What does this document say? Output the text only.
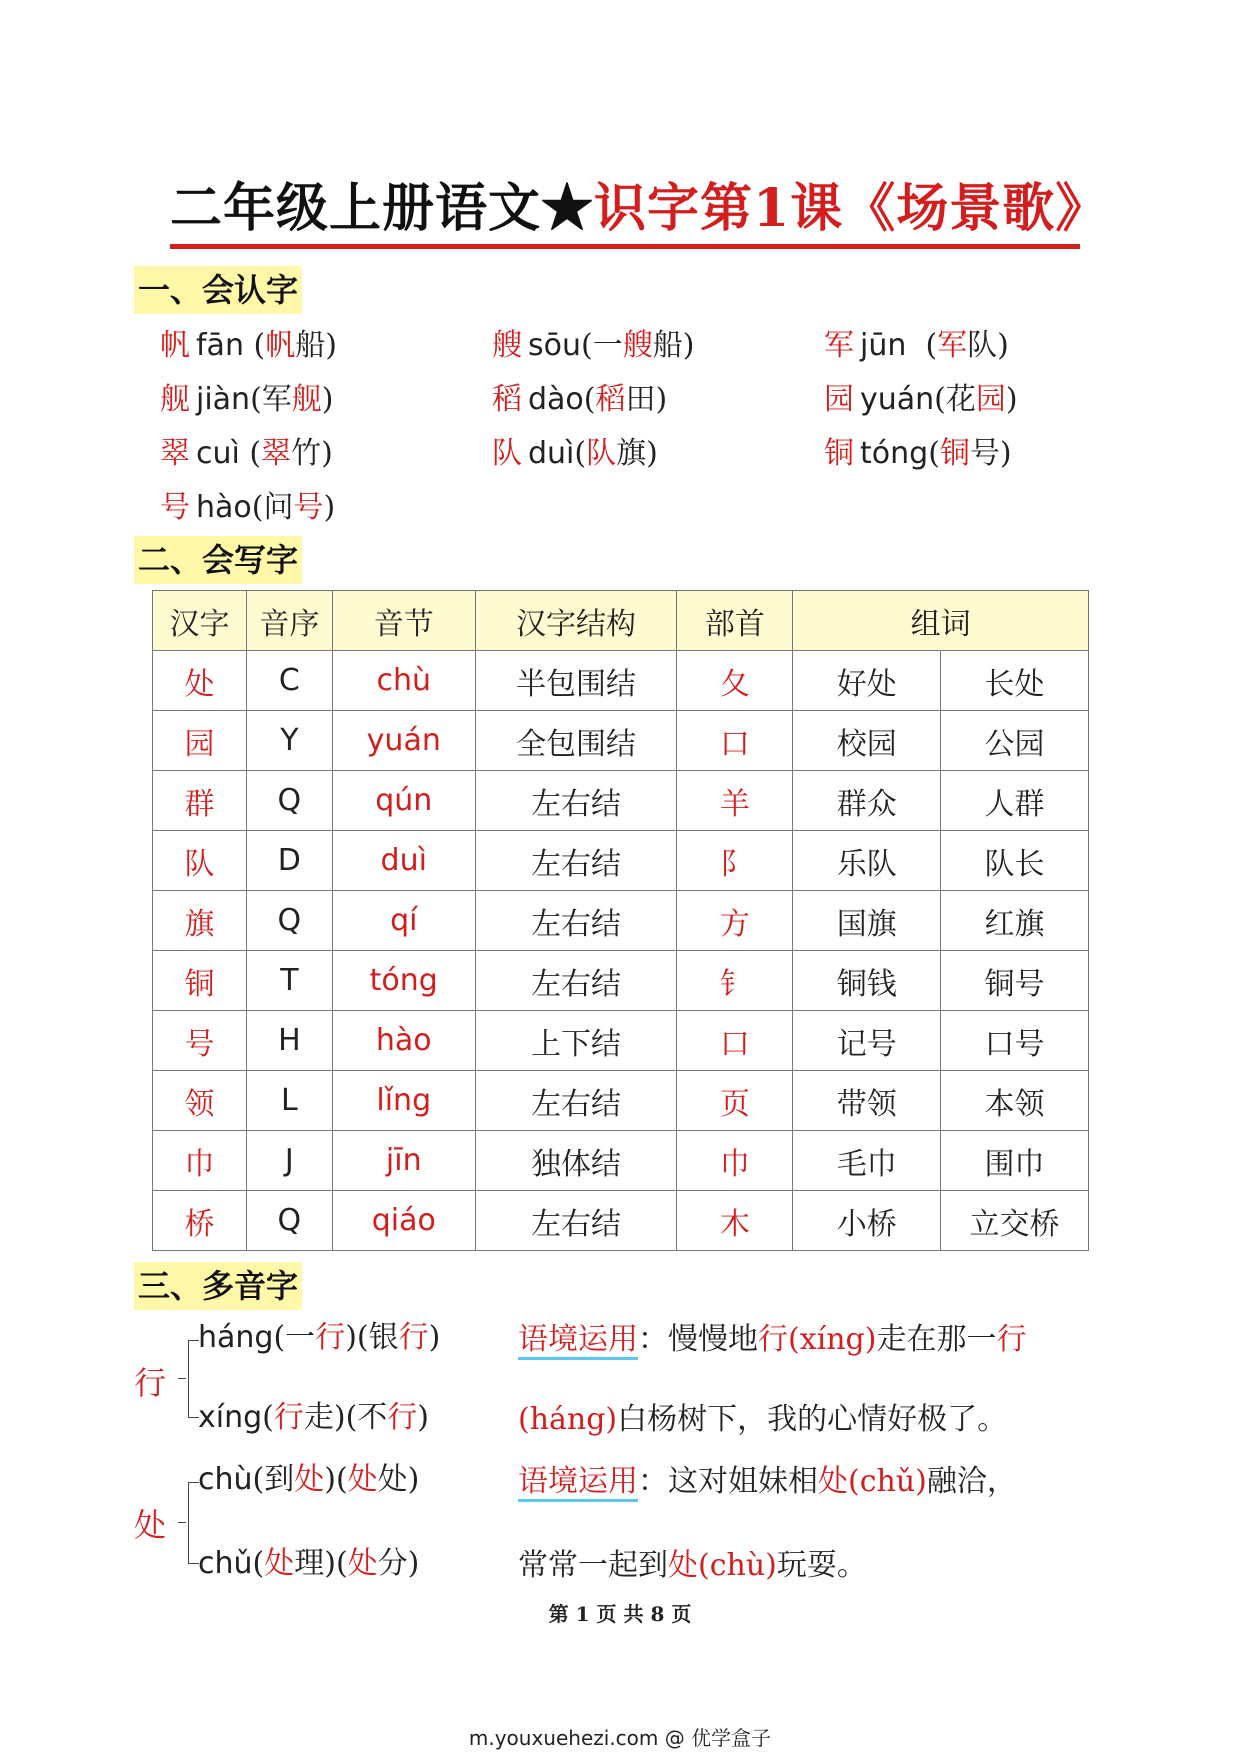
二年级上册语文★识字第1课《场景歌》
一、会认字
帆 fān (帆船)	艘 sōu(一艘船)	军 jūn  (军队)
舰 jiàn(军舰)	稻 dào(稻田)	园 yuán(花园)
翠 cuì (翠竹)	队 duì(队旗)	铜 tóng(铜号)
号 hào(问号)
二、会写字
汉字	音序	音节	汉字结构	部首	组词	
处	C	chù	半包围结	夂	好处	长处
园	Y	yuán	全包围结	口	校园	公园
群	Q	qún	左右结	羊	群众	人群
队	D	duì	左右结	阝	乐队	队长
旗	Q	qí	左右结	方	国旗	红旗
铜	T	tóng	左右结	钅	铜钱	铜号
号	H	hào	上下结	口	记号	口号
领	L	lǐng	左右结	页	带领	本领
巾	J	jīn	独体结	巾	毛巾	围巾
桥	Q	qiáo	左右结	木	小桥	立交桥
三、多音字
行
háng(一行)(银行)
xíng(行走)(不行)
语境运用：慢慢地行(xíng)走在那一行
(háng)白杨树下，我的心情好极了。
处
chù(到处)(处处)
chǔ(处理)(处分)
语境运用：这对姐妹相处(chǔ)融洽，
常常一起到处(chù)玩耍。
第 1 页 共 8 页
m.youxuehezi.com @ 优学盒子
